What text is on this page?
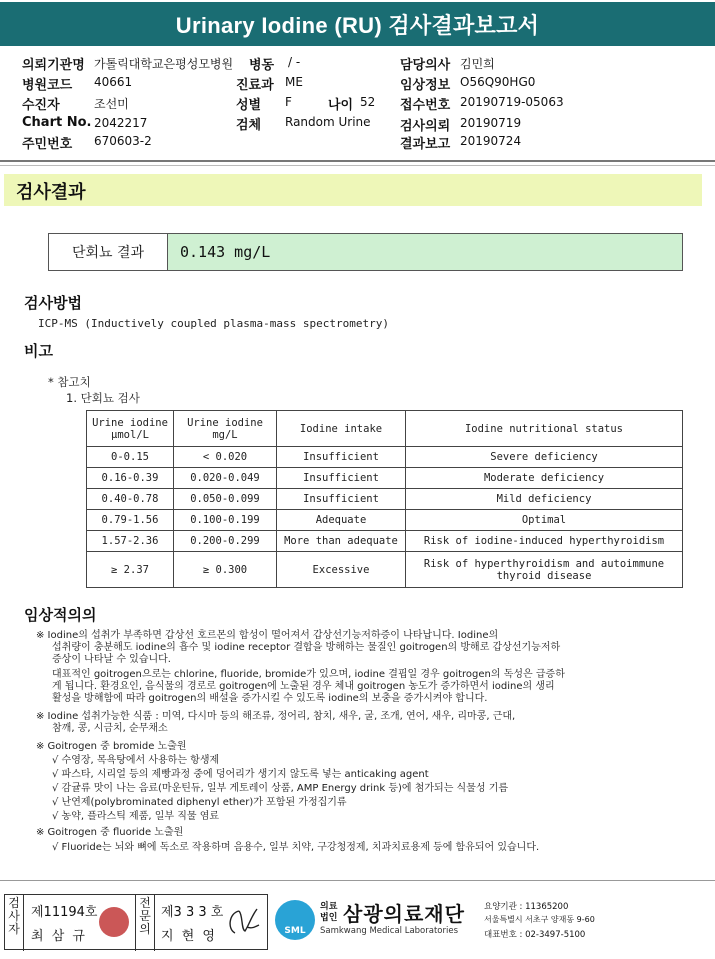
Urinary Iodine (RU) 검사결과보고서
의뢰기관명 가톨릭대학교은평성모병원 병동 / -	담당의사 김민희
병원코드 40661	진료과 ME	임상정보 O56Q90HG0
수진자	조선미	성별 F	나이 52 접수번호 20190719-05063
Chart No. 2042217	검체 Random Urine 검사의뢰 20190719
주민번호 670603-2	결과보고 20190724
검사결과
단회뇨 결과	0.143 mg/L
검사방법
ICP-MS (Inductively coupled plasma-mass spectrometry)
비고
* 참고치
1. 단회뇨 검사
Urine iodine µmol/L	Urine iodine mg/L	Iodine intake	Iodine nutritional status
0-0.15	< 0.020	Insufficient	Severe deficiency
0.16-0.39	0.020-0.049	Insufficient	Moderate deficiency
0.40-0.78	0.050-0.099	Insufficient	Mild deficiency
0.79-1.56	0.100-0.199	Adequate	Optimal
1.57-2.36	0.200-0.299	More than adequate	Risk of iodine-induced hyperthyroidism
≥ 2.37	≥ 0.300	Excessive	Risk of hyperthyroidism and autoimmune thyroid disease
임상적의의
※ Iodine의 섭취가 부족하면 갑상선 호르몬의 합성이 떨어져서 갑상선기능저하증이 나타납니다. Iodine의
섭취량이 충분해도 iodine의 흡수 및 iodine receptor 결합을 방해하는 물질인 goitrogen의 방해로 갑상선기능저하
증상이 나타날 수 있습니다.
대표적인 goitrogen으로는 chlorine, fluoride, bromide가 있으며, iodine 결핍일 경우 goitrogen의 독성은 급증하
게 됩니다. 환경요인, 음식물의 경로로 goitrogen에 노출된 경우 체내 goitrogen 농도가 증가하면서 iodine의 생리
활성을 방해함에 따라 goitrogen의 배설을 증가시킬 수 있도록 iodine의 보충을 증가시켜야 합니다.
※ Iodine 섭취가능한 식품 : 미역, 다시마 등의 해조류, 정어리, 참치, 새우, 굴, 조개, 연어, 새우, 리마콩, 근대,
참깨, 콩, 시금치, 순무채소
※ Goitrogen 중 bromide 노출원
√ 수영장, 목욕탕에서 사용하는 항생제
√ 파스타, 시리얼 등의 제빵과정 중에 덩어리가 생기지 않도록 넣는 anticaking agent
√ 감귤류 맛이 나는 음료(마운틴듀, 일부 게토레이 상품, AMP Energy drink 등)에 첨가되는 식물성 기름
√ 난연제(polybrominated diphenyl ether)가 포함된 가정집기류
√ 농약, 플라스틱 제품, 일부 직물 염료
※ Goitrogen 중 fluoride 노출원
√ Fluoride는 뇌와 뼈에 독소로 작용하며 음용수, 일부 치약, 구강청정제, 치과치료용제 등에 함유되어 있습니다.
검사자
제11194호
최 삼 규
전문의
제3 3 3 호
지 현 영	SML
의료
법인 삼광의료재단
Samkwang Medical Laboratories
요양기관 : 11365200
서울특별시 서초구 양재동 9-60
대표번호 : 02-3497-5100
